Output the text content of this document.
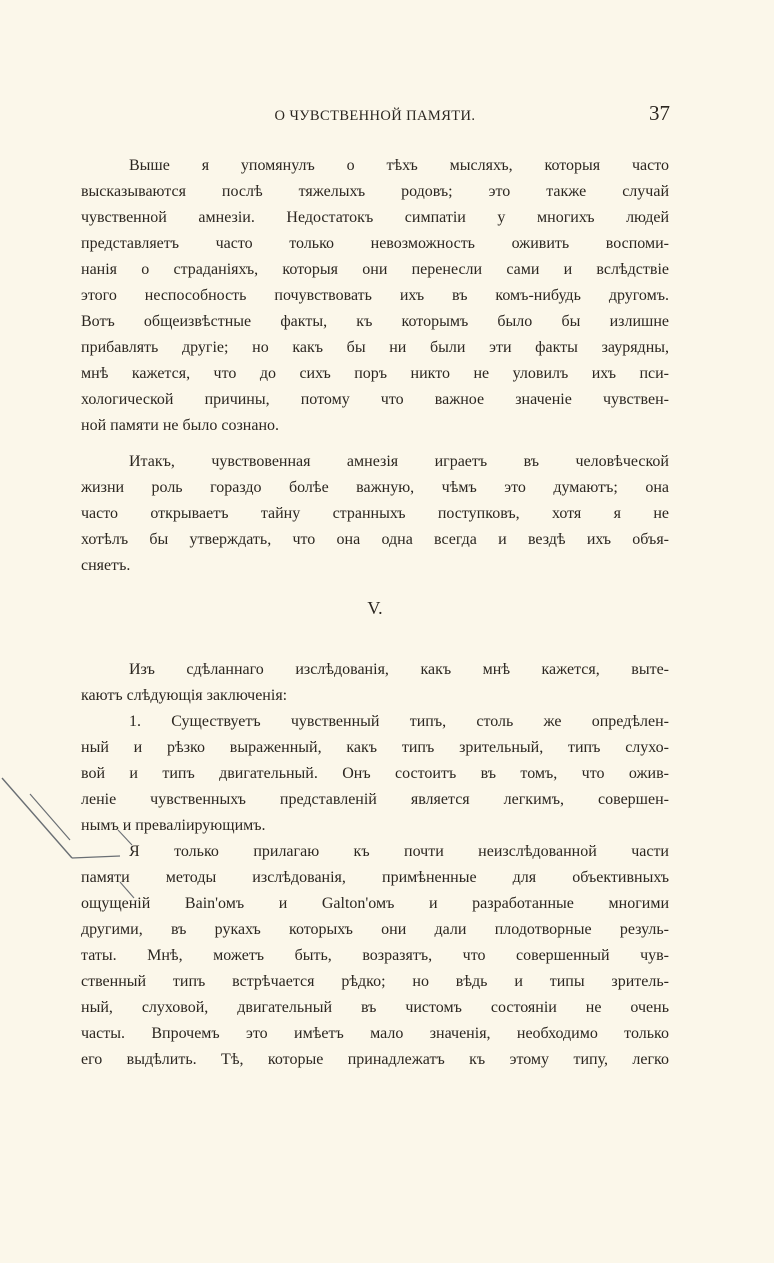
О ЧУВСТВЕННОЙ ПАМЯТИ.	37
Выше я упомянулъ о тѣхъ мысляхъ, которыя часто
высказываются послѣ тяжелыхъ родовъ; это также случай
чувственной амнезіи. Недостатокъ симпатіи у многихъ людей
представляетъ часто только невозможность оживить воспоми-
нанія о страданіяхъ, которыя они перенесли сами и вслѣдствіе
этого неспособность почувствовать ихъ въ комъ-нибудь другомъ.
Вотъ общеизвѣстные факты, къ которымъ было бы излишне
прибавлять другіе; но какъ бы ни были эти факты заурядны,
мнѣ кажется, что до сихъ поръ никто не уловилъ ихъ пси-
хологической причины, потому что важное значеніе чувствен-
ной памяти не было сознано.
Итакъ, чувствовенная амнезія играетъ въ человѣческой
жизни роль гораздо болѣе важную, чѣмъ это думаютъ; она
часто открываетъ тайну странныхъ поступковъ, хотя я не
хотѣлъ бы утверждать, что она одна всегда и вездѣ ихъ объя-
сняетъ.
V.
Изъ сдѣланнаго изслѣдованія, какъ мнѣ кажется, выте-
каютъ слѣдующія заключенія:
1. Существуетъ чувственный типъ, столь же опредѣлен-
ный и рѣзко выраженный, какъ типъ зрительный, типъ слухо-
вой и типъ двигательный. Онъ состоитъ въ томъ, что ожив-
леніе чувственныхъ представленій является легкимъ, совершен-
нымъ и преваліирующимъ.
Я только прилагаю къ почти неизслѣдованной части
памяти методы изслѣдованія, примѣненные для объективныхъ
ощущеній Bain'омъ и Galton'омъ и разработанные многими
другими, въ рукахъ которыхъ они дали плодотворные резуль-
таты. Мнѣ, можетъ быть, возразятъ, что совершенный чув-
ственный типъ встрѣчается рѣдко; но вѣдь и типы зритель-
ный, слуховой, двигательный въ чистомъ состояніи не очень
часты. Впрочемъ это имѣетъ мало значенія, необходимо только
его выдѣлить. Тѣ, которые принадлежатъ къ этому типу, легко
